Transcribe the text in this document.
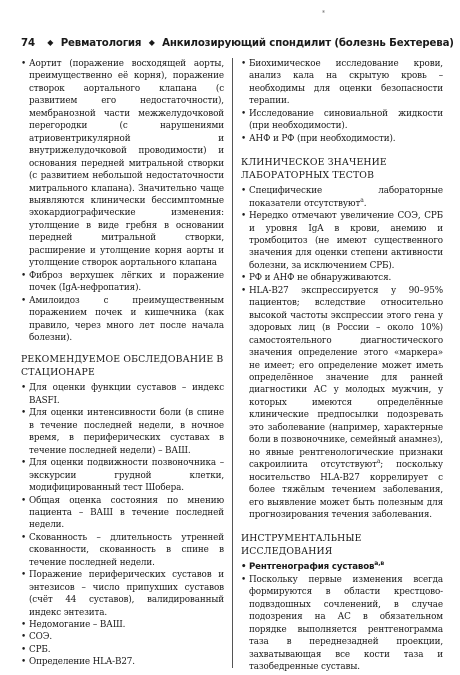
*
74 ◆ Ревматология ◆ Анкилозирующий спондилит (болезнь Бехтерева)
• Аортит (поражение восходящей аорты, преимущественно её корня), поражение створок аортального клапана (с развитием его недостаточности), мембранозной части межжелудочковой перегородки (с нарушениями атриовентрикулярной и внутрижелудочковой проводимости) и основания передней митральной створки (с развитием небольшой недостаточности митрального клапана). Значительно чаще выявляются клинически бессимптомные эхокардиографические изменения: утолщение в виде гребня в основании передней митральной створки, расширение и утолщение корня аорты и утолщение створок аортального клапана
• Фиброз верхушек лёгких и поражение почек (IgA-нефропатия).
• Амилоидоз с преимущественным поражением почек и кишечника (как правило, через много лет после начала болезни).
РЕКОМЕНДУЕМОЕ ОБСЛЕДОВАНИЕ В СТАЦИОНАРЕ
• Для оценки функции суставов – индекс BASFI.
• Для оценки интенсивности боли (в спине в течение последней недели, в ночное время, в периферических суставах в течение последней недели) – ВАШ.
• Для оценки подвижности позвоночника – экскурсии грудной клетки, модифицированный тест Шобера.
• Общая оценка состояния по мнению пациента – ВАШ в течение последней недели.
• Скованность – длительность утренней скованности, скованность в спине в течение последней недели.
• Поражение периферических суставов и энтезисов – число припухших суставов (счёт 44 суставов), валидированный индекс энтезита.
• Недомогание – ВАШ.
• СОЭ.
• СРБ.
• Определение HLA-B27.
• Биохимическое исследование крови, анализ кала на скрытую кровь – необходимы для оценки безопасности терапии.
• Исследование синовиальной жидкости (при необходимости).
• АНФ и РФ (при необходимости).
КЛИНИЧЕСКОЕ ЗНАЧЕНИЕ ЛАБОРАТОРНЫХ ТЕСТОВ
• Специфические лабораторные показатели отсутствуют$^а$.
• Нередко отмечают увеличение СОЭ, СРБ и уровня IgA в крови, анемию и тромбоцитоз (не имеют существенного значения для оценки степени активности болезни, за исключением СРБ).
• РФ и АНФ не обнаруживаются.
• HLA-B27 экспрессируется у 90–95% пациентов; вследствие относительно высокой частоты экспрессии этого гена у здоровых лиц (в России – около 10%) самостоятельного диагностического значения определение этого «маркера» не имеет; его определение может иметь определённое значение для ранней диагностики АС у молодых мужчин, у которых имеются определённые клинические предпосылки подозревать это заболевание (например, характерные боли в позвоночнике, семейный анамнез), но явные рентгенологические признаки сакроилиита отсутствуют$^а$; поскольку носительство HLA-B27 коррелирует с более тяжёлым течением заболевания, его выявление может быть полезным для прогнозирования течения заболевания.
ИНСТРУМЕНТАЛЬНЫЕ ИССЛЕДОВАНИЯ
• Рентгенография суставов$^{а,в}$
• Поскольку первые изменения всегда формируются в области крестцово-подвздошных сочленений, в случае подозрения на АС в обязательном порядке выполняется рентгенограмма таза в переднезадней проекции, захватывающая все кости таза и тазобедренные суставы.
